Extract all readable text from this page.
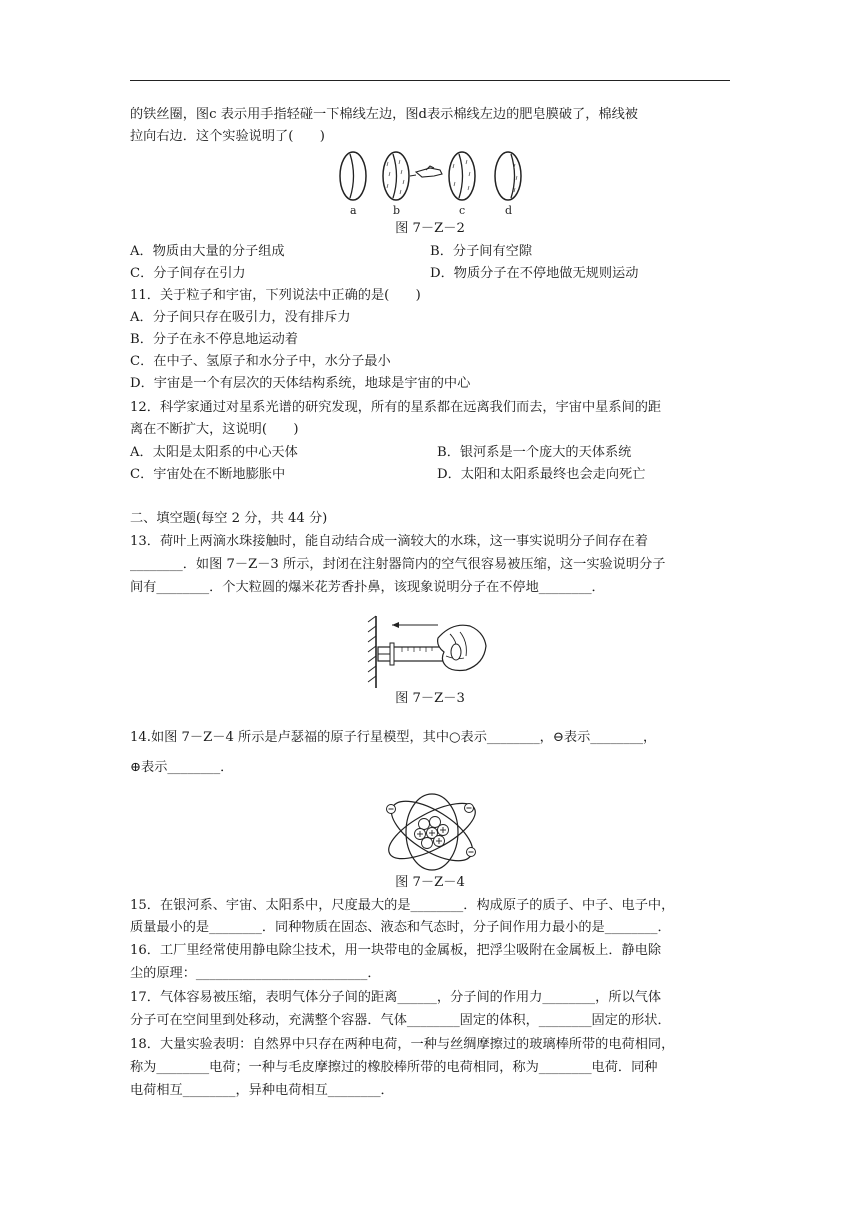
的铁丝圈，图c 表示用手指轻碰一下棉线左边，图d表示棉线左边的肥皂膜破了，棉线被
拉向右边．这个实验说明了(　　)
a	b	c	d
图 7－Z－2
A．物质由大量的分子组成	B．分子间有空隙
C．分子间存在引力	D．物质分子在不停地做无规则运动
11．关于粒子和宇宙，下列说法中正确的是(　　)
A．分子间只存在吸引力，没有排斥力
B．分子在永不停息地运动着
C．在中子、氢原子和水分子中，水分子最小
D．宇宙是一个有层次的天体结构系统，地球是宇宙的中心
12．科学家通过对星系光谱的研究发现，所有的星系都在远离我们而去，宇宙中星系间的距
离在不断扩大，这说明(　　)
A．太阳是太阳系的中心天体	B．银河系是一个庞大的天体系统
C．宇宙处在不断地膨胀中	D．太阳和太阳系最终也会走向死亡
二、填空题(每空 2 分，共 44 分)
13．荷叶上两滴水珠接触时，能自动结合成一滴较大的水珠，这一事实说明分子间存在着
________．如图 7－Z－3 所示，封闭在注射器筒内的空气很容易被压缩，这一实验说明分子
间有________．个大粒圆的爆米花芳香扑鼻，该现象说明分子在不停地________．
图 7－Z－3
14.如图 7－Z－4 所示是卢瑟福的原子行星模型，其中○表示________，⊖表示________，
⊕表示________．
图 7－Z－4
15．在银河系、宇宙、太阳系中，尺度最大的是________．构成原子的质子、中子、电子中，
质量最小的是________．同种物质在固态、液态和气态时，分子间作用力最小的是________．
16．工厂里经常使用静电除尘技术，用一块带电的金属板，把浮尘吸附在金属板上．静电除
尘的原理：__________________________．
17．气体容易被压缩，表明气体分子间的距离______，分子间的作用力________，所以气体
分子可在空间里到处移动，充满整个容器．气体________固定的体积，________固定的形状．
18．大量实验表明：自然界中只存在两种电荷，一种与丝绸摩擦过的玻璃棒所带的电荷相同，
称为________电荷；一种与毛皮摩擦过的橡胶棒所带的电荷相同，称为________电荷．同种
电荷相互________，异种电荷相互________．
